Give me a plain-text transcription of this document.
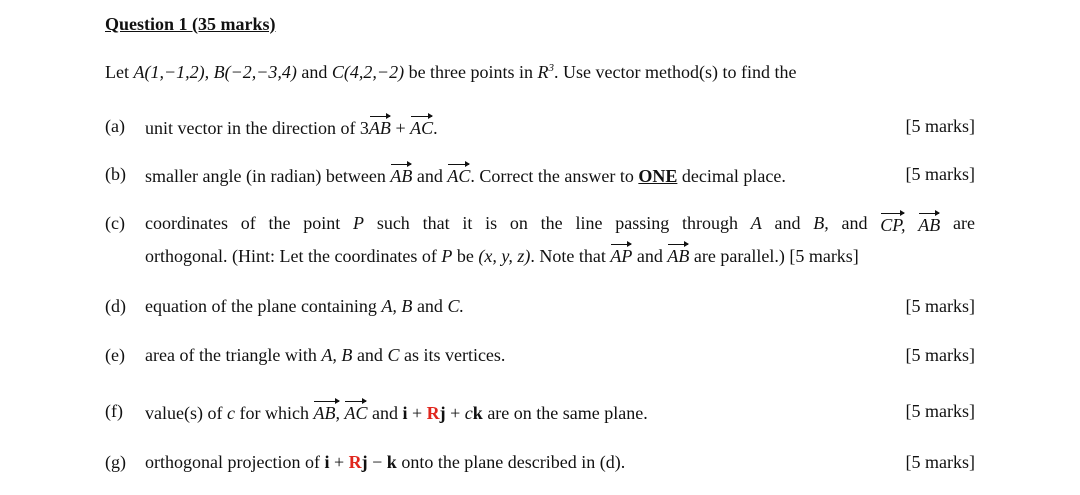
Question 1 (35 marks)
Let A(1,−1,2), B(−2,−3,4) and C(4,2,−2) be three points in $R^3$. Use vector method(s) to find the
(a) unit vector in the direction of 3AB + AC.	[5 marks]
(b) smaller angle (in radian) between AB and AC. Correct the answer to ONE decimal place.	[5 marks]
(c) coordinates of the point P such that it is on the line passing through A and B, and CP, AB are
orthogonal. (Hint: Let the coordinates of P be (x, y, z). Note that AP and AB are parallel.) [5 marks]
(d) equation of the plane containing A, B and C.	[5 marks]
(e) area of the triangle with A, B and C as its vertices.	[5 marks]
(f) value(s) of c for which AB, AC and i + Rj + ck are on the same plane.	[5 marks]
(g) orthogonal projection of i + Rj − k onto the plane described in (d).	[5 marks]
